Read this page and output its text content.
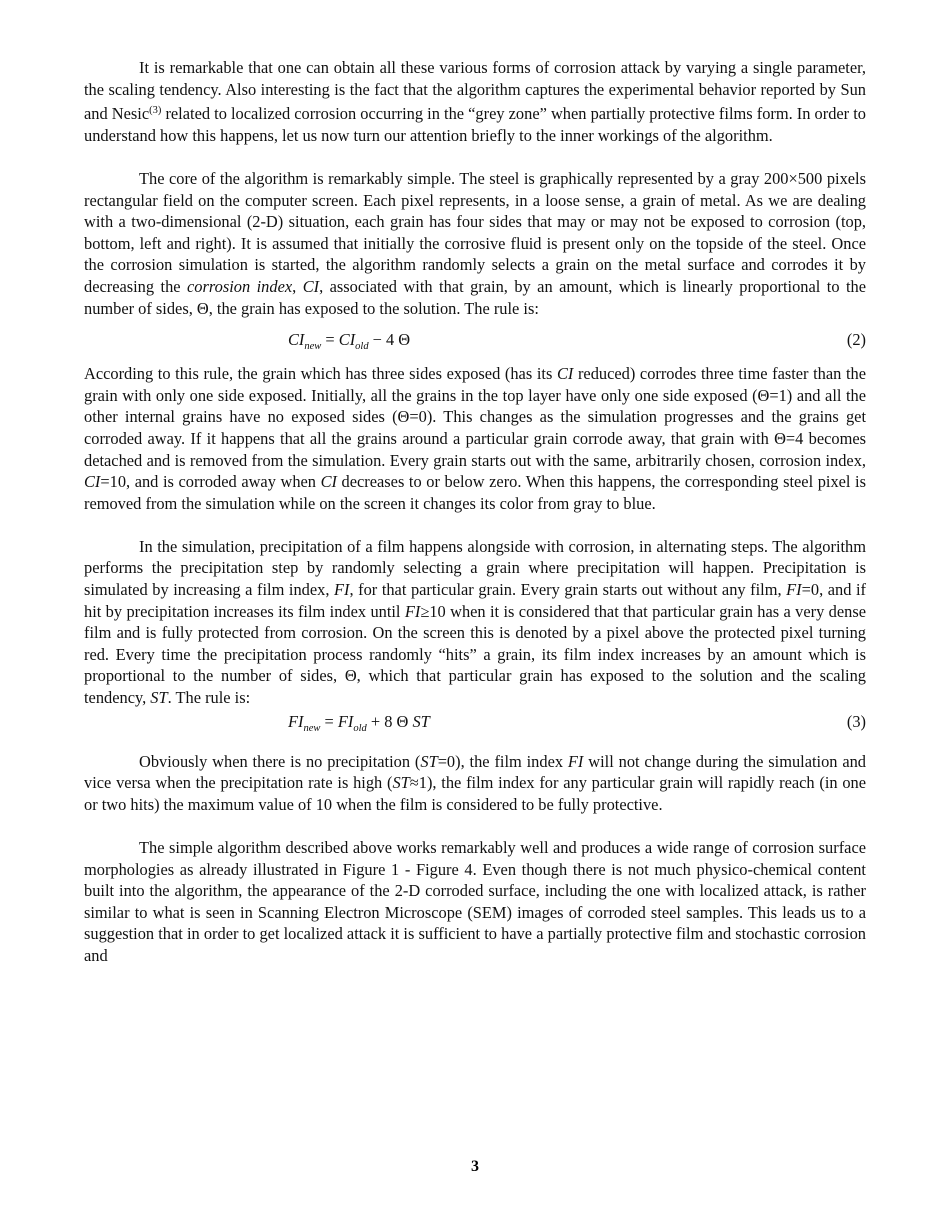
It is remarkable that one can obtain all these various forms of corrosion attack by varying a single parameter, the scaling tendency. Also interesting is the fact that the algorithm captures the experimental behavior reported by Sun and Nesic$^{(3)}$ related to localized corrosion occurring in the “grey zone” when partially protective films form. In order to understand how this happens, let us now turn our attention briefly to the inner workings of the algorithm.

The core of the algorithm is remarkably simple. The steel is graphically represented by a gray 200×500 pixels rectangular field on the computer screen. Each pixel represents, in a loose sense, a grain of metal. As we are dealing with a two-dimensional (2-D) situation, each grain has four sides that may or may not be exposed to corrosion (top, bottom, left and right). It is assumed that initially the corrosive fluid is present only on the topside of the steel. Once the corrosion simulation is started, the algorithm randomly selects a grain on the metal surface and corrodes it by decreasing the corrosion index, CI, associated with that grain, by an amount, which is linearly proportional to the number of sides, Θ, the grain has exposed to the solution. The rule is:

$CI_{new} = CI_{old} - 4$ Θ	(2)

According to this rule, the grain which has three sides exposed (has its CI reduced) corrodes three time faster than the grain with only one side exposed. Initially, all the grains in the top layer have only one side exposed (Θ=1) and all the other internal grains have no exposed sides (Θ=0). This changes as the simulation progresses and the grains get corroded away. If it happens that all the grains around a particular grain corrode away, that grain with Θ=4 becomes detached and is removed from the simulation. Every grain starts out with the same, arbitrarily chosen, corrosion index, CI=10, and is corroded away when CI decreases to or below zero. When this happens, the corresponding steel pixel is removed from the simulation while on the screen it changes its color from gray to blue.

In the simulation, precipitation of a film happens alongside with corrosion, in alternating steps. The algorithm performs the precipitation step by randomly selecting a grain where precipitation will happen. Precipitation is simulated by increasing a film index, FI, for that particular grain. Every grain starts out without any film, FI=0, and if hit by precipitation increases its film index until FI≥10 when it is considered that that particular grain has a very dense film and is fully protected from corrosion. On the screen this is denoted by a pixel above the protected pixel turning red. Every time the precipitation process randomly “hits” a grain, its film index increases by an amount which is proportional to the number of sides, Θ, which that particular grain has exposed to the solution and the scaling tendency, ST. The rule is:

$FI_{new} = FI_{old} + 8$ Θ ST	(3)

Obviously when there is no precipitation (ST=0), the film index FI will not change during the simulation and vice versa when the precipitation rate is high (ST≈1), the film index for any particular grain will rapidly reach (in one or two hits) the maximum value of 10 when the film is considered to be fully protective.

The simple algorithm described above works remarkably well and produces a wide range of corrosion surface morphologies as already illustrated in Figure 1 - Figure 4. Even though there is not much physico-chemical content built into the algorithm, the appearance of the 2-D corroded surface, including the one with localized attack, is rather similar to what is seen in Scanning Electron Microscope (SEM) images of corroded steel samples. This leads us to a suggestion that in order to get localized attack it is sufficient to have a partially protective film and stochastic corrosion and

3
